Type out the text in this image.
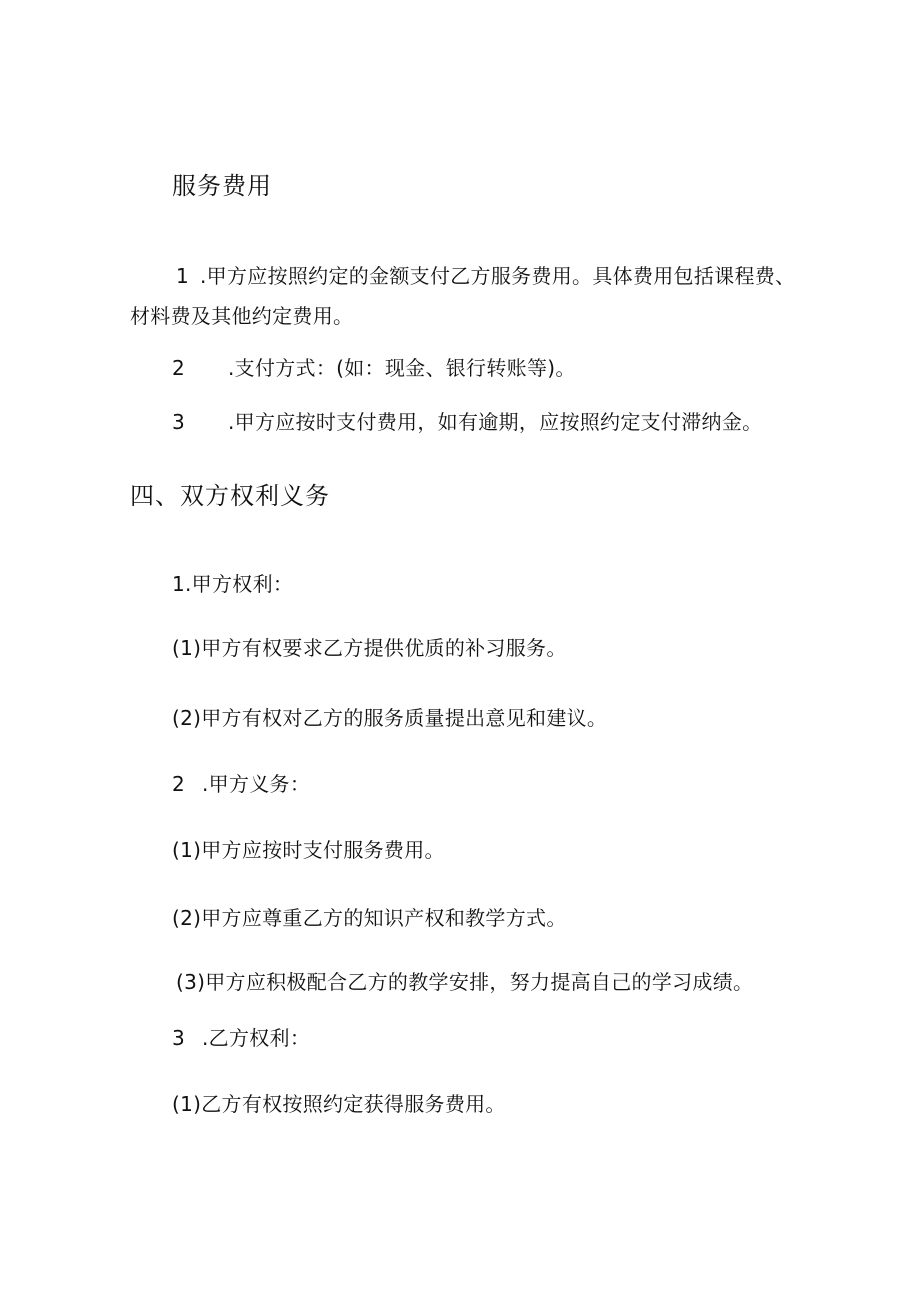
服务费用
1 .甲方应按照约定的金额支付乙方服务费用。具体费用包括课程费、
材料费及其他约定费用。
2 .支付方式：(如：现金、银行转账等)。
3 .甲方应按时支付费用，如有逾期，应按照约定支付滞纳金。
四、双方权利义务
1.甲方权利：
(1)甲方有权要求乙方提供优质的补习服务。
(2)甲方有权对乙方的服务质量提出意见和建议。
2 .甲方义务：
(1)甲方应按时支付服务费用。
(2)甲方应尊重乙方的知识产权和教学方式。
(3)甲方应积极配合乙方的教学安排，努力提高自己的学习成绩。
3 .乙方权利：
(1)乙方有权按照约定获得服务费用。
